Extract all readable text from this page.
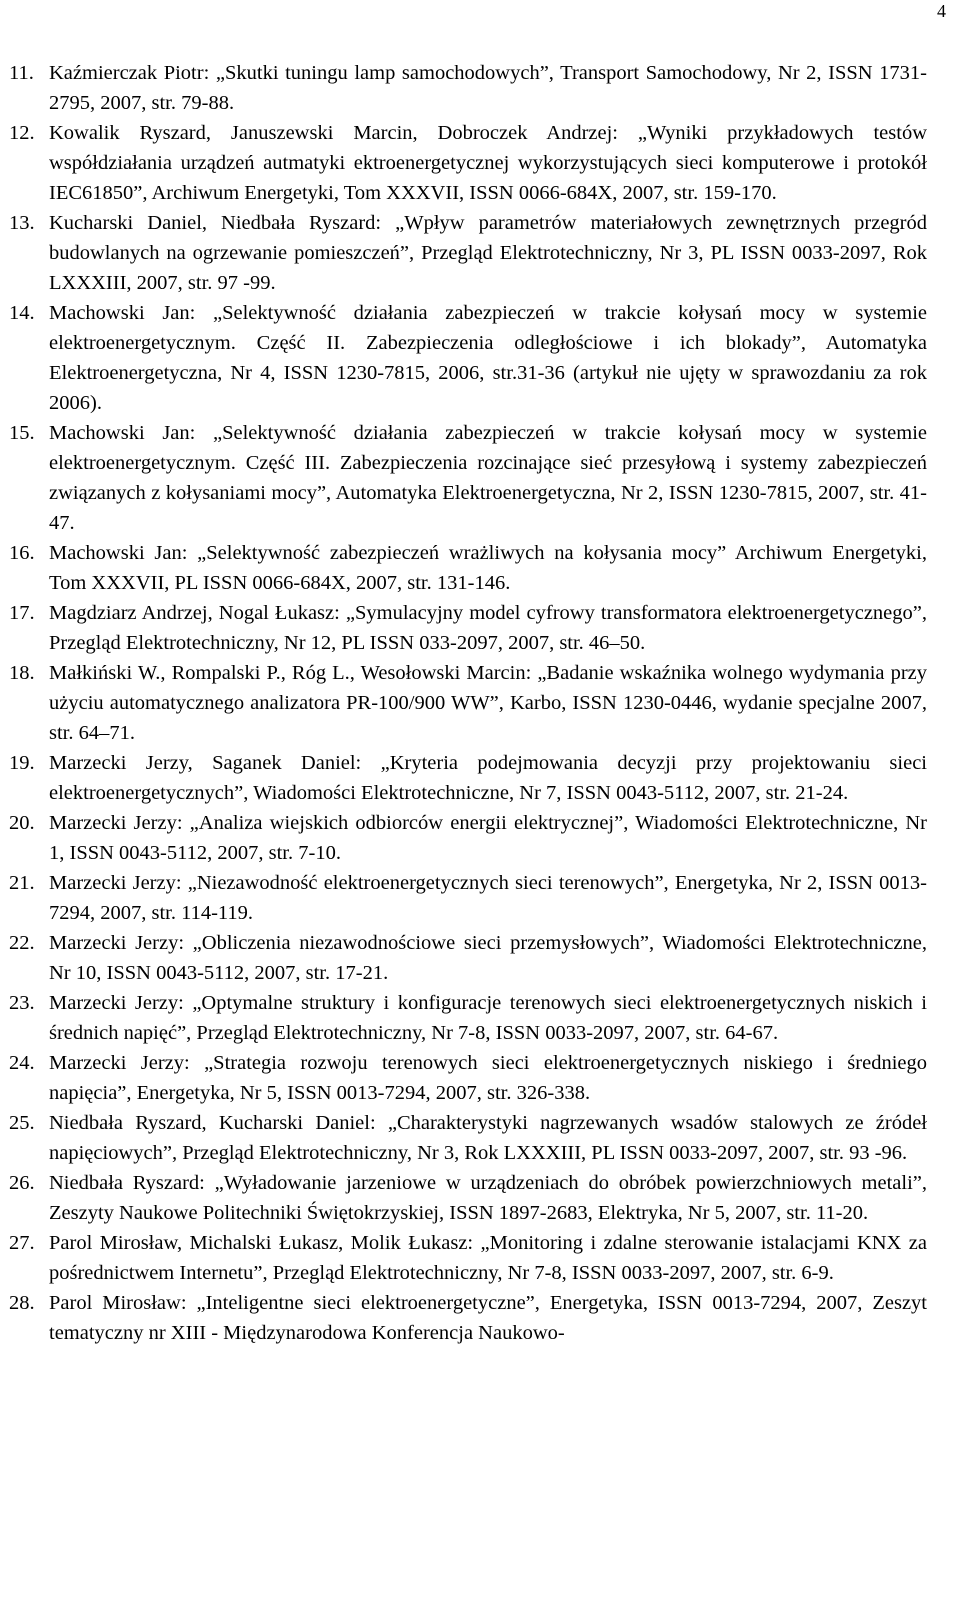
4
11. Kaźmierczak Piotr: „Skutki tuningu lamp samochodowych”, Transport Samochodowy, Nr 2, ISSN 1731-2795, 2007, str. 79-88.
12. Kowalik Ryszard, Januszewski Marcin, Dobroczek Andrzej: „Wyniki przykładowych testów współdziałania urządzeń autmatyki ektroenergetycznej wykorzystujących sieci komputerowe i protokół IEC61850”, Archiwum Energetyki, Tom XXXVII, ISSN 0066-684X, 2007, str. 159-170.
13. Kucharski Daniel, Niedbała Ryszard: „Wpływ parametrów materiałowych zewnętrznych przegród budowlanych na ogrzewanie pomieszczeń”, Przegląd Elektrotechniczny, Nr 3, PL ISSN 0033-2097, Rok LXXXIII, 2007, str. 97 -99.
14. Machowski Jan: „Selektywność działania zabezpieczeń w trakcie kołysań mocy w systemie elektroenergetycznym. Część II. Zabezpieczenia odległościowe i ich blokady”, Automatyka Elektroenergetyczna, Nr 4, ISSN 1230-7815, 2006, str.31-36 (artykuł nie ujęty w sprawozdaniu za rok 2006).
15. Machowski Jan: „Selektywność działania zabezpieczeń w trakcie kołysań mocy w systemie elektroenergetycznym. Część III. Zabezpieczenia rozcinające sieć przesyłową i systemy zabezpieczeń związanych z kołysaniami mocy”, Automatyka Elektroenergetyczna, Nr 2, ISSN 1230-7815, 2007, str. 41-47.
16. Machowski Jan: „Selektywność zabezpieczeń wrażliwych na kołysania mocy” Archiwum Energetyki, Tom XXXVII, PL ISSN 0066-684X, 2007, str. 131-146.
17. Magdziarz Andrzej, Nogal Łukasz: „Symulacyjny model cyfrowy transformatora elektroenergetycznego”, Przegląd Elektrotechniczny, Nr 12, PL ISSN 033-2097, 2007, str. 46–50.
18. Małkiński W., Rompalski P., Róg L., Wesołowski Marcin: „Badanie wskaźnika wolnego wydymania przy użyciu automatycznego analizatora PR-100/900 WW”, Karbo, ISSN 1230-0446, wydanie specjalne 2007, str. 64–71.
19. Marzecki Jerzy, Saganek Daniel: „Kryteria podejmowania decyzji przy projektowaniu sieci elektroenergetycznych”, Wiadomości Elektrotechniczne, Nr 7, ISSN 0043-5112, 2007, str. 21-24.
20. Marzecki Jerzy: „Analiza wiejskich odbiorców energii elektrycznej”, Wiadomości Elektrotechniczne, Nr 1, ISSN 0043-5112, 2007, str. 7-10.
21. Marzecki Jerzy: „Niezawodność elektroenergetycznych sieci terenowych”, Energetyka, Nr 2, ISSN 0013-7294, 2007, str. 114-119.
22. Marzecki Jerzy: „Obliczenia niezawodnościowe sieci przemysłowych”, Wiadomości Elektrotechniczne, Nr 10, ISSN 0043-5112, 2007, str. 17-21.
23. Marzecki Jerzy: „Optymalne struktury i konfiguracje terenowych sieci elektroenergetycznych niskich i średnich napięć”, Przegląd Elektrotechniczny, Nr 7-8, ISSN 0033-2097, 2007, str. 64-67.
24. Marzecki Jerzy: „Strategia rozwoju terenowych sieci elektroenergetycznych niskiego i średniego napięcia”, Energetyka, Nr 5, ISSN 0013-7294, 2007, str. 326-338.
25. Niedbała Ryszard, Kucharski Daniel: „Charakterystyki nagrzewanych wsadów stalowych ze źródeł napięciowych”, Przegląd Elektrotechniczny, Nr 3, Rok LXXXIII, PL ISSN 0033-2097, 2007, str. 93 -96.
26. Niedbała Ryszard: „Wyładowanie jarzeniowe w urządzeniach do obróbek powierzchniowych metali”, Zeszyty Naukowe Politechniki Świętokrzyskiej, ISSN 1897-2683, Elektryka, Nr 5, 2007, str. 11-20.
27. Parol Mirosław, Michalski Łukasz, Molik Łukasz: „Monitoring i zdalne sterowanie istalacjami KNX za pośrednictwem Internetu”, Przegląd Elektrotechniczny, Nr 7-8, ISSN 0033-2097, 2007, str. 6-9.
28. Parol Mirosław: „Inteligentne sieci elektroenergetyczne”, Energetyka, ISSN 0013-7294, 2007, Zeszyt tematyczny nr XIII - Międzynarodowa Konferencja Naukowo-
